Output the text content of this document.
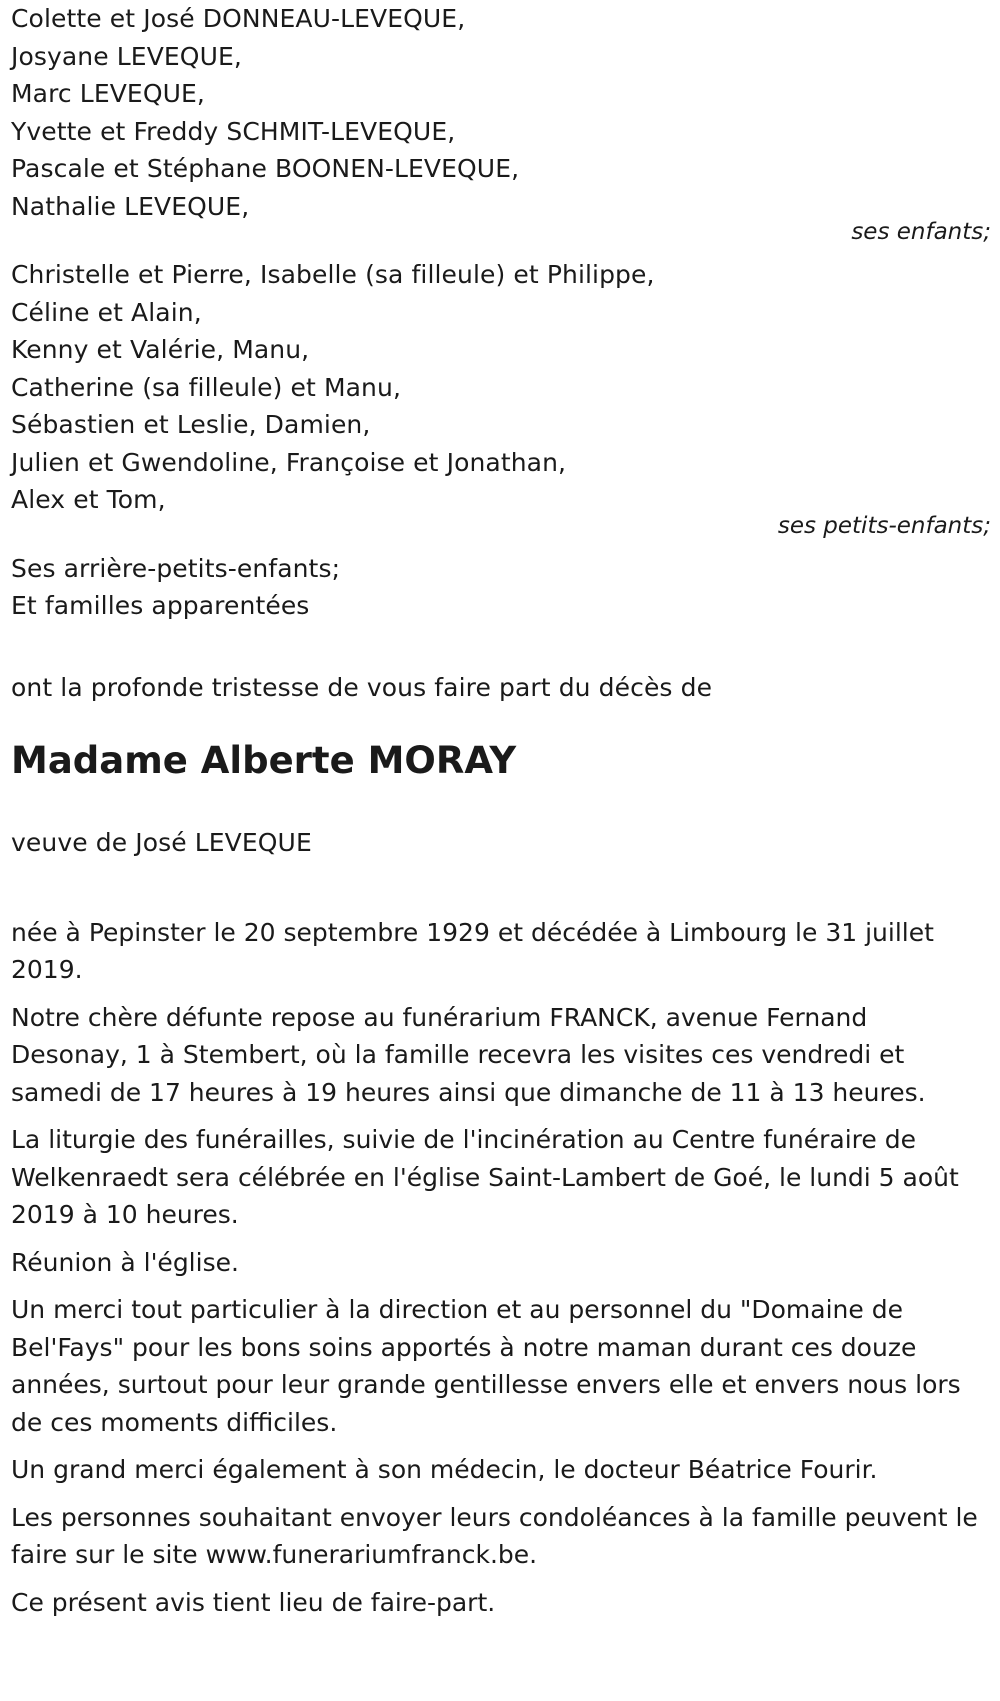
Colette et José DONNEAU-LEVEQUE,
Josyane LEVEQUE,
Marc LEVEQUE,
Yvette et Freddy SCHMIT-LEVEQUE,
Pascale et Stéphane BOONEN-LEVEQUE,
Nathalie LEVEQUE,
ses enfants;
Christelle et Pierre, Isabelle (sa filleule) et Philippe,
Céline et Alain,
Kenny et Valérie, Manu,
Catherine (sa filleule) et Manu,
Sébastien et Leslie, Damien,
Julien et Gwendoline, Françoise et Jonathan,
Alex et Tom,
ses petits-enfants;
Ses arrière-petits-enfants;
Et familles apparentées
ont la profonde tristesse de vous faire part du décès de
Madame Alberte MORAY
veuve de José LEVEQUE

née à Pepinster le 20 septembre 1929 et décédée à Limbourg le 31 juillet 2019.

Notre chère défunte repose au funérarium FRANCK, avenue Fernand Desonay, 1 à Stembert, où la famille recevra les visites ces vendredi et samedi de 17 heures à 19 heures ainsi que dimanche de 11 à 13 heures.

La liturgie des funérailles, suivie de l'incinération au Centre funéraire de Welkenraedt sera célébrée en l'église Saint-Lambert de Goé, le lundi 5 août 2019 à 10 heures.

Réunion à l'église.

Un merci tout particulier à la direction et au personnel du "Domaine de Bel'Fays" pour les bons soins apportés à notre maman durant ces douze années, surtout pour leur grande gentillesse envers elle et envers nous lors de ces moments difficiles.

Un grand merci également à son médecin, le docteur Béatrice Fourir.

Les personnes souhaitant envoyer leurs condoléances à la famille peuvent le faire sur le site www.funerariumfranck.be.

Ce présent avis tient lieu de faire-part.
